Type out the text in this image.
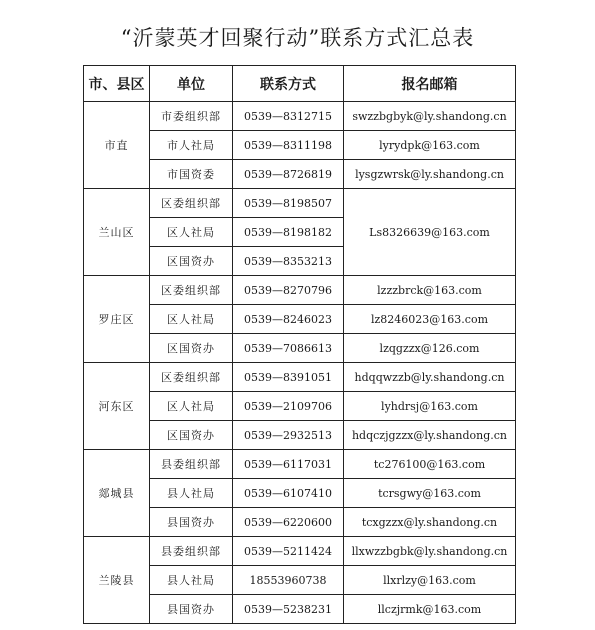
“沂蒙英才回聚行动”联系方式汇总表
市、县区	单位	联系方式	报名邮箱
市直	市委组织部	0539—8312715	swzzbgbyk@ly.shandong.cn
	市人社局	0539—8311198	lyrydpk@163.com
	市国资委	0539—8726819	lysgzwrsk@ly.shandong.cn
兰山区	区委组织部	0539—8198507	Ls8326639@163.com
	区人社局	0539—8198182	
	区国资办	0539—8353213	
罗庄区	区委组织部	0539—8270796	lzzzbrck@163.com
	区人社局	0539—8246023	lz8246023@163.com
	区国资办	0539—7086613	lzqgzzx@126.com
河东区	区委组织部	0539—8391051	hdqqwzzb@ly.shandong.cn
	区人社局	0539—2109706	lyhdrsj@163.com
	区国资办	0539—2932513	hdqczjgzzx@ly.shandong.cn
郯城县	县委组织部	0539—6117031	tc276100@163.com
	县人社局	0539—6107410	tcrsgwy@163.com
	县国资办	0539—6220600	tcxgzzx@ly.shandong.cn
兰陵县	县委组织部	0539—5211424	llxwzzbgbk@ly.shandong.cn
	县人社局	18553960738	llxrlzy@163.com
	县国资办	0539—5238231	llczjrmk@163.com
